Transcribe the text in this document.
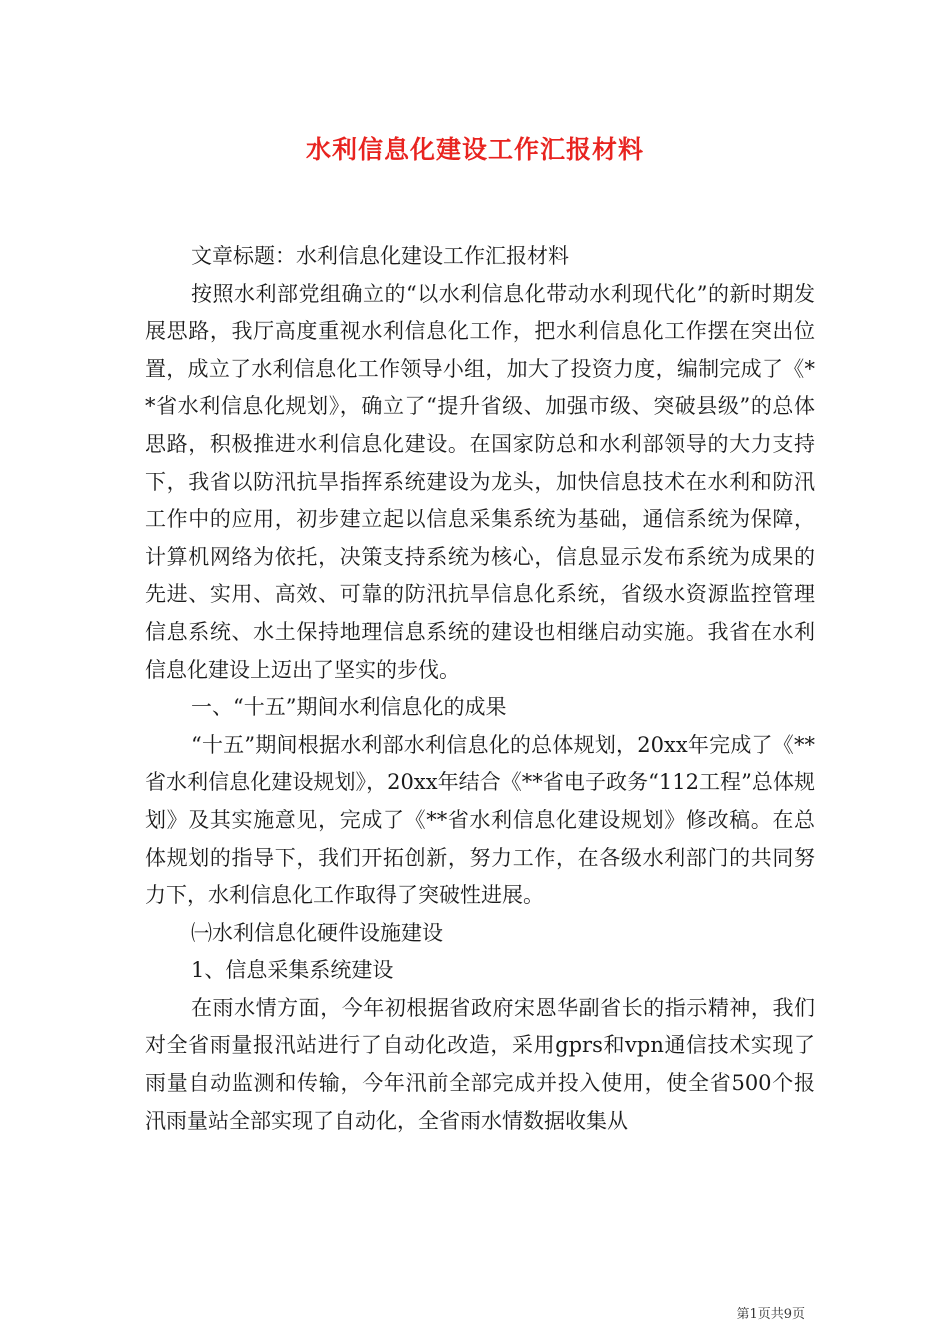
水利信息化建设工作汇报材料

文章标题：水利信息化建设工作汇报材料

按照水利部党组确立的“以水利信息化带动水利现代化”的新时期发展思路，我厅高度重视水利信息化工作，把水利信息化工作摆在突出位置，成立了水利信息化工作领导小组，加大了投资力度，编制完成了《**省水利信息化规划》，确立了“提升省级、加强市级、突破县级”的总体思路，积极推进水利信息化建设。在国家防总和水利部领导的大力支持下，我省以防汛抗旱指挥系统建设为龙头，加快信息技术在水利和防汛工作中的应用，初步建立起以信息采集系统为基础，通信系统为保障，计算机网络为依托，决策支持系统为核心，信息显示发布系统为成果的先进、实用、高效、可靠的防汛抗旱信息化系统，省级水资源监控管理信息系统、水土保持地理信息系统的建设也相继启动实施。我省在水利信息化建设上迈出了坚实的步伐。

一、“十五”期间水利信息化的成果

“十五”期间根据水利部水利信息化的总体规划，20xx年完成了《**省水利信息化建设规划》，20xx年结合《**省电子政务“112工程”总体规划》及其实施意见，完成了《**省水利信息化建设规划》修改稿。在总体规划的指导下，我们开拓创新，努力工作，在各级水利部门的共同努力下，水利信息化工作取得了突破性进展。

㈠水利信息化硬件设施建设

1、信息采集系统建设

在雨水情方面，今年初根据省政府宋恩华副省长的指示精神，我们对全省雨量报汛站进行了自动化改造，采用gprs和vpn通信技术实现了雨量自动监测和传输，今年汛前全部完成并投入使用，使全省500个报汛雨量站全部实现了自动化，全省雨水情数据收集从

第1页共9页
